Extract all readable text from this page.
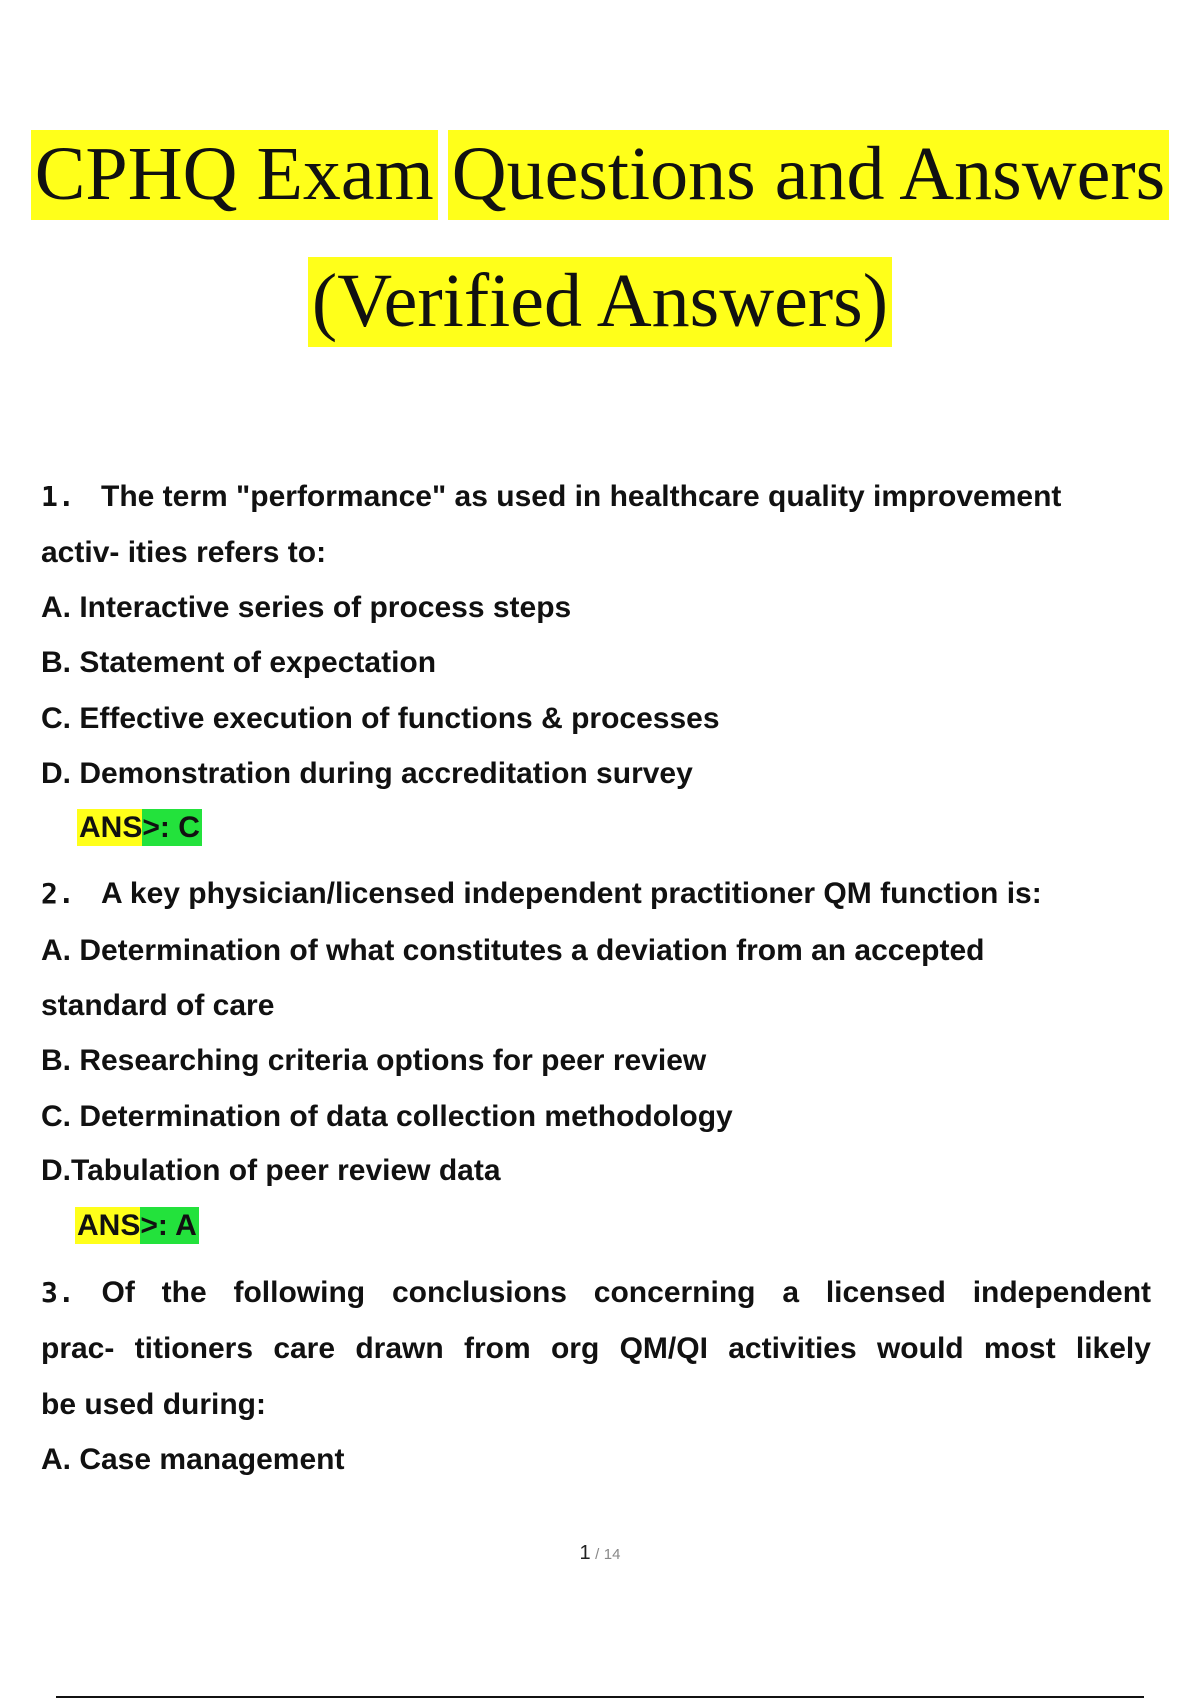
CPHQ Exam Questions and Answers
(Verified Answers)
1. The term "performance" as used in healthcare quality improvement
activ- ities refers to:
A. Interactive series of process steps
B. Statement of expectation
C. Effective execution of functions & processes
D. Demonstration during accreditation survey
ANS>: C
2. A key physician/licensed independent practitioner QM function is:
A. Determination of what constitutes a deviation from an accepted
standard of care
B. Researching criteria options for peer review
C. Determination of data collection methodology
D.Tabulation of peer review data
ANS>: A
3. Of the following conclusions concerning a licensed independent
prac- titioners care drawn from org QM/QI activities would most likely
be used during:
A. Case management
1 / 14
